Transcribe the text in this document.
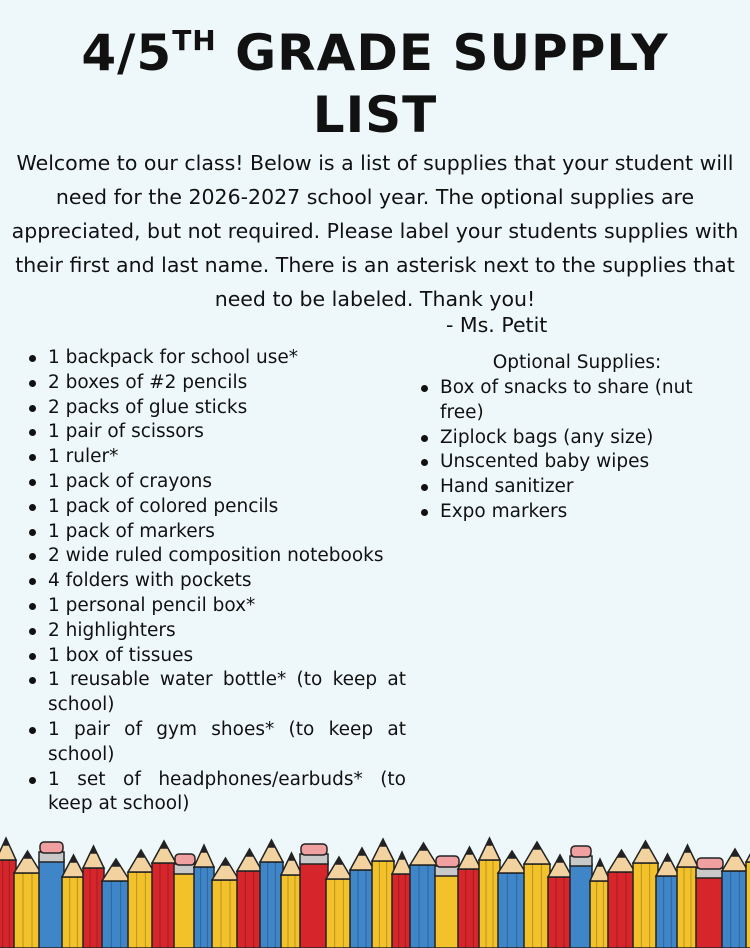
4/5TH GRADE SUPPLY
LIST
Welcome to our class! Below is a list of supplies that your student will need for the 2026-2027 school year. The optional supplies are appreciated, but not required. Please label your students supplies with their first and last name. There is an asterisk next to the supplies that need to be labeled. Thank you!
- Ms. Petit
1 backpack for school use*
2 boxes of #2 pencils
2 packs of glue sticks
1 pair of scissors
1 ruler*
1 pack of crayons
1 pack of colored pencils
1 pack of markers
2 wide ruled composition notebooks
4 folders with pockets
1 personal pencil box*
2 highlighters
1 box of tissues
1 reusable water bottle* (to keep at school)
1 pair of gym shoes* (to keep at school)
1 set of headphones/earbuds* (to keep at school)
Optional Supplies:
Box of snacks to share (nut free)
Ziplock bags (any size)
Unscented baby wipes
Hand sanitizer
Expo markers
